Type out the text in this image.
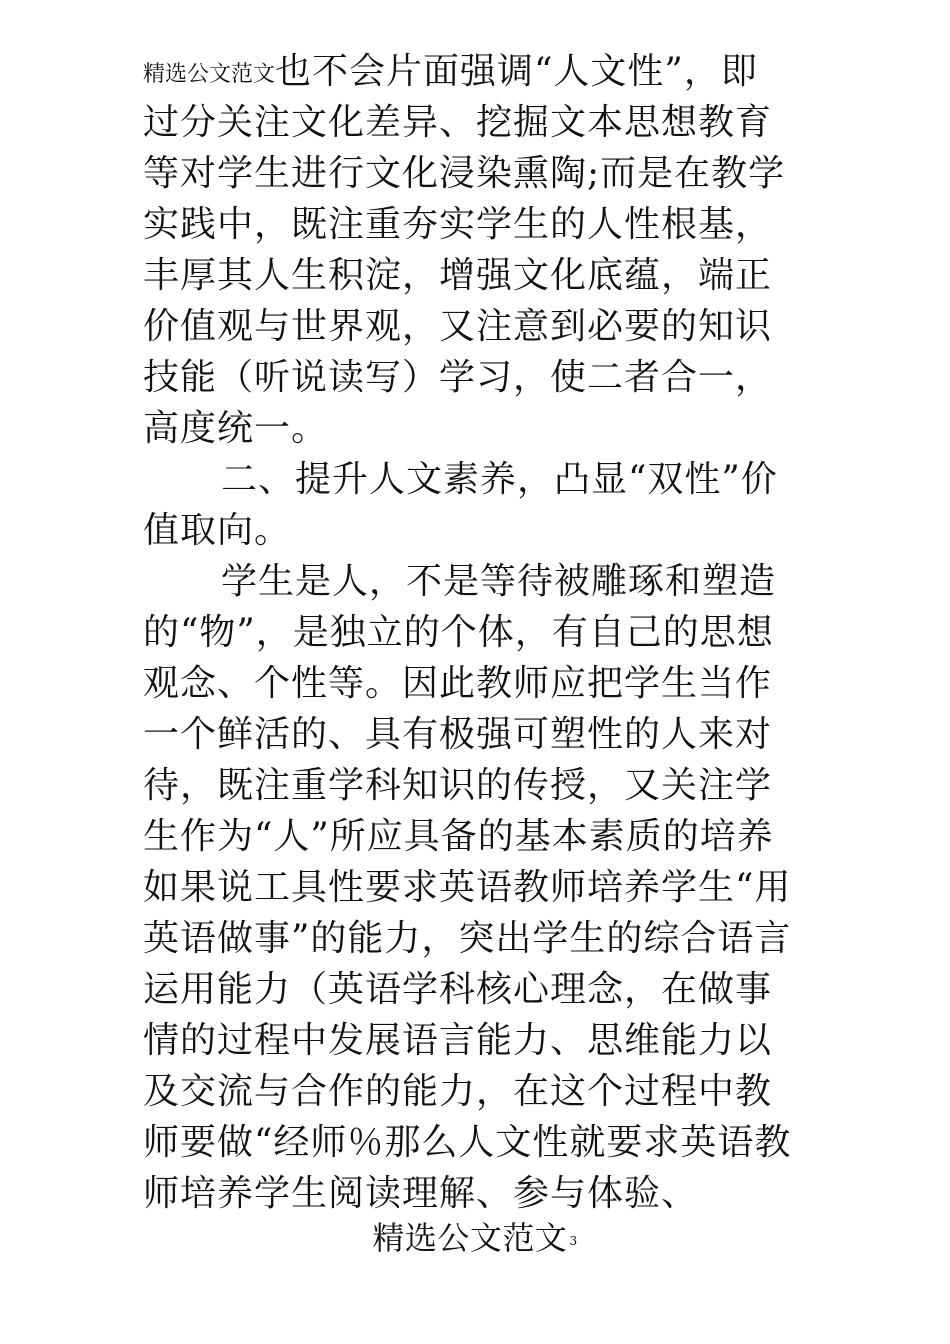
精选公文范文也不会片面强调“人文性”，即
过分关注文化差异、挖掘文本思想教育
等对学生进行文化浸染熏陶;而是在教学
实践中，既注重夯实学生的人性根基，
丰厚其人生积淀，增强文化底蕴，端正
价值观与世界观，又注意到必要的知识
技能（听说读写）学习，使二者合一，
高度统一。
二、提升人文素养，凸显“双性”价
值取向。
学生是人，不是等待被雕琢和塑造
的“物”，是独立的个体，有自己的思想
观念、个性等。因此教师应把学生当作
一个鲜活的、具有极强可塑性的人来对
待，既注重学科知识的传授，又关注学
生作为“人”所应具备的基本素质的培养
如果说工具性要求英语教师培养学生“用
英语做事”的能力，突出学生的综合语言
运用能力（英语学科核心理念，在做事
情的过程中发展语言能力、思维能力以
及交流与合作的能力，在这个过程中教
师要做“经师％那么人文性就要求英语教
师培养学生阅读理解、参与体验、
精选公文范文 3
